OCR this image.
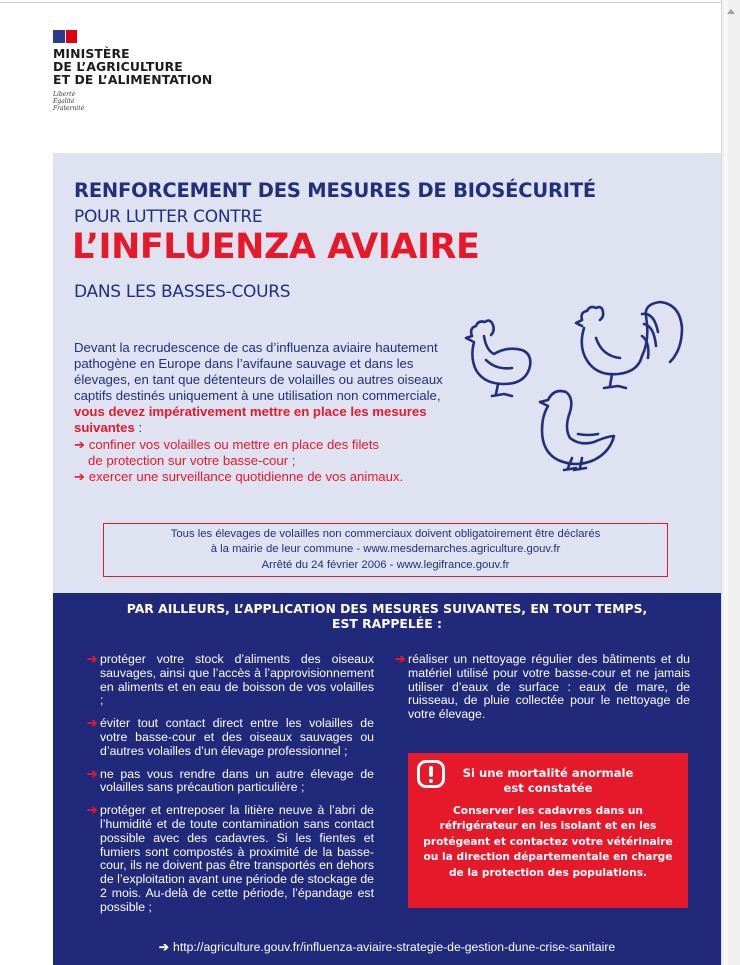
MINISTÈRE
DE L’AGRICULTURE
ET DE L’ALIMENTATION
Liberté
Égalité
Fraternité
RENFORCEMENT DES MESURES DE BIOSÉCURITÉ
POUR LUTTER CONTRE
L’INFLUENZA AVIAIRE
DANS LES BASSES-COURS
Devant la recrudescence de cas d’influenza aviaire hautement pathogène en Europe dans l’avifaune sauvage et dans les élevages, en tant que détenteurs de volailles ou autres oiseaux captifs destinés uniquement à une utilisation non commerciale, vous devez impérativement mettre en place les mesures suivantes :
➔ confiner vos volailles ou mettre en place des filets
de protection sur votre basse-cour ;
➔ exercer une surveillance quotidienne de vos animaux.
Tous les élevages de volailles non commerciaux doivent obligatoirement être déclarés
à la mairie de leur commune - www.mesdemarches.agriculture.gouv.fr
Arrêté du 24 février 2006 - www.legifrance.gouv.fr
PAR AILLEURS, L’APPLICATION DES MESURES SUIVANTES, EN TOUT TEMPS,
EST RAPPELÉE :
➔ protéger votre stock d’aliments des oiseaux sauvages, ainsi que l’accès à l’approvisionnement en aliments et en eau de boisson de vos volailles ;
➔ éviter tout contact direct entre les volailles de votre basse-cour et des oiseaux sauvages ou d’autres volailles d’un élevage professionnel ;
➔ ne pas vous rendre dans un autre élevage de volailles sans précaution particulière ;
➔ protéger et entreposer la litière neuve à l’abri de l’humidité et de toute contamination sans contact possible avec des cadavres. Si les fientes et fumiers sont compostés à proximité de la basse-cour, ils ne doivent pas être transportés en dehors de l’exploitation avant une période de stockage de 2 mois. Au-delà de cette période, l’épandage est possible ;
➔ réaliser un nettoyage régulier des bâtiments et du matériel utilisé pour votre basse-cour et ne jamais utiliser d’eaux de surface : eaux de mare, de ruisseau, de pluie collectée pour le nettoyage de votre élevage.
Si une mortalité anormale
est constatée
Conserver les cadavres dans un réfrigérateur en les isolant et en les protégeant et contactez votre vétérinaire ou la direction départementale en charge de la protection des populations.
➔ http://agriculture.gouv.fr/influenza-aviaire-strategie-de-gestion-dune-crise-sanitaire
